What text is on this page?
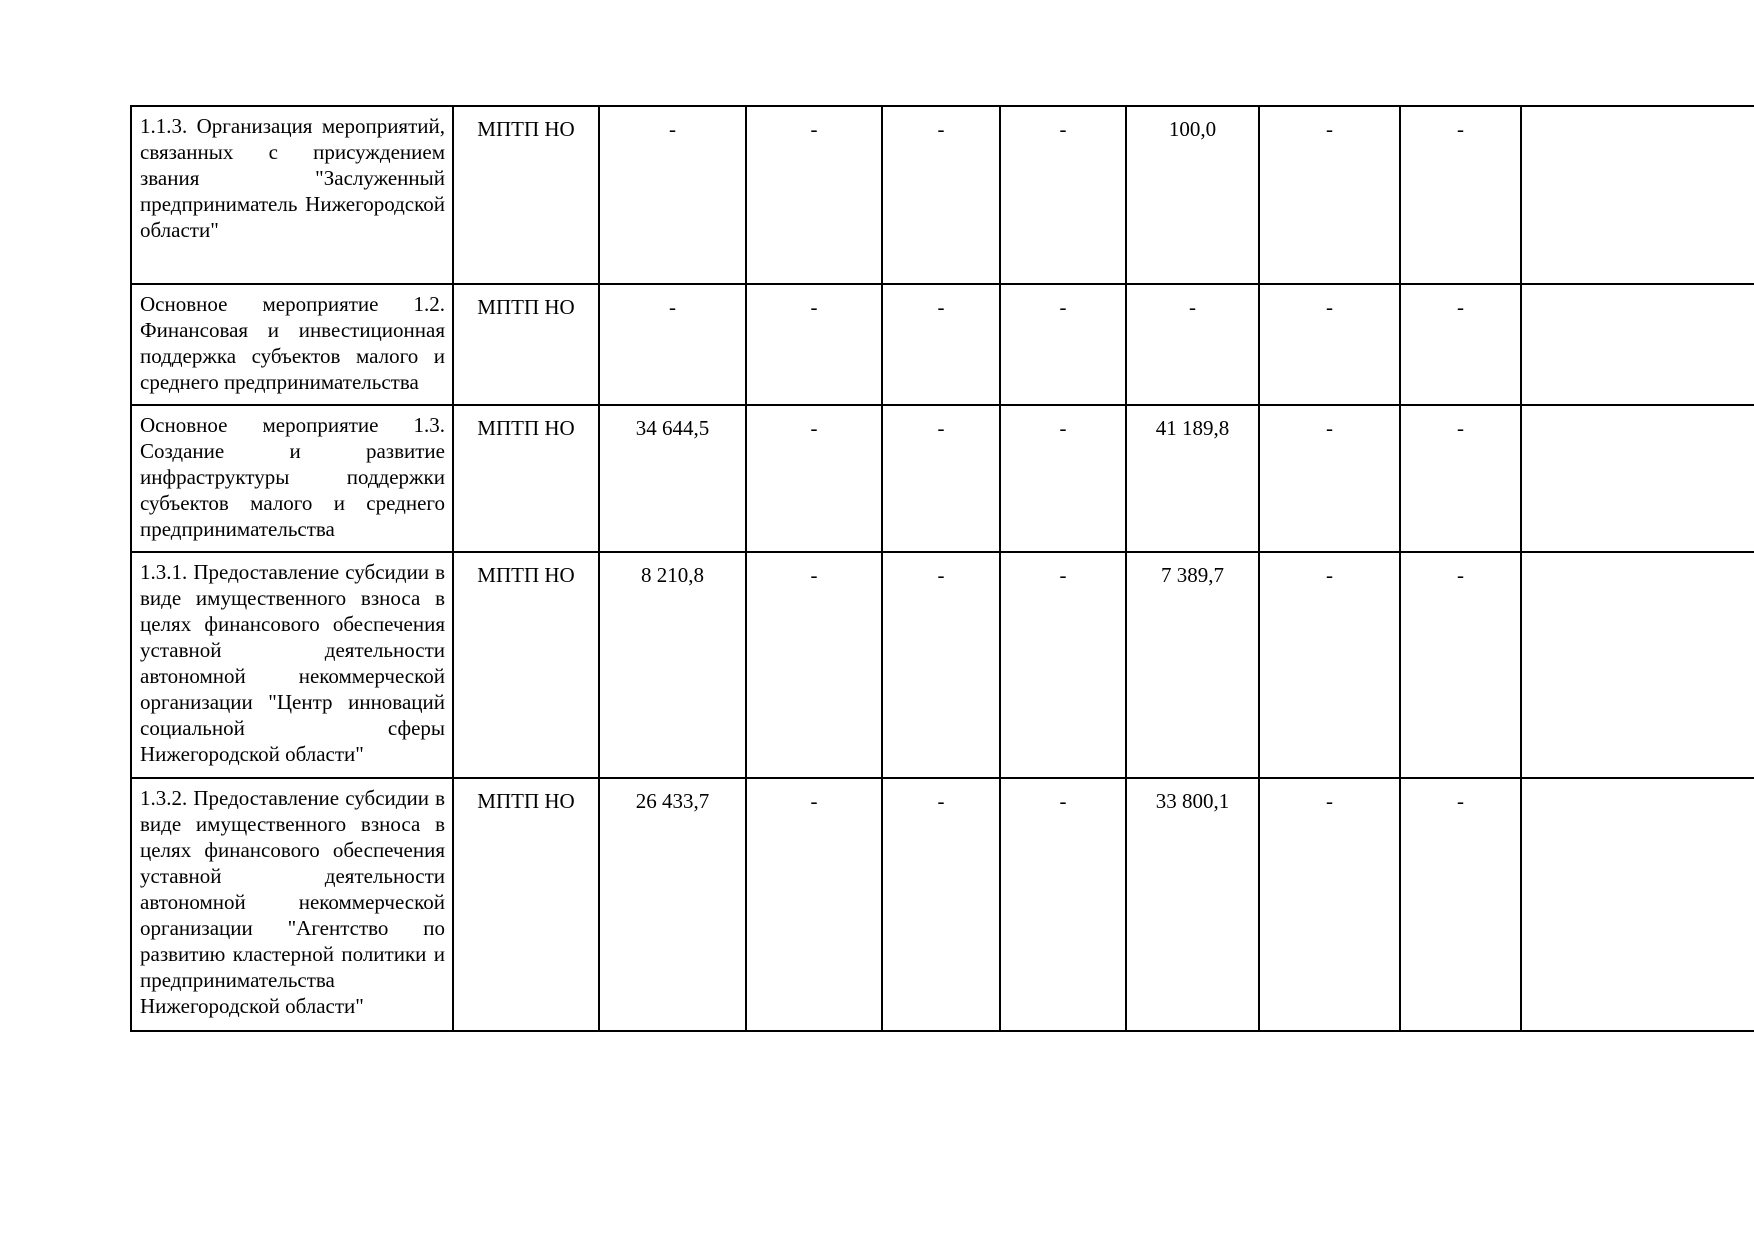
1.1.3. Организация мероприятий, связанных с присуждением звания "Заслуженный предприниматель Нижегородской области"	МПТП НО	-	-	-	-	100,0	-	-	
Основное мероприятие 1.2. Финансовая и инвестиционная поддержка субъектов малого и среднего предпринимательства	МПТП НО	-	-	-	-	-	-	-	
Основное мероприятие 1.3. Создание и развитие инфраструктуры поддержки субъектов малого и среднего предпринимательства	МПТП НО	34 644,5	-	-	-	41 189,8	-	-	
1.3.1. Предоставление субсидии в виде имущественного взноса в целях финансового обеспечения уставной деятельности автономной некоммерческой организации "Центр инноваций социальной сферы Нижегородской области"	МПТП НО	8 210,8	-	-	-	7 389,7	-	-	
1.3.2. Предоставление субсидии в виде имущественного взноса в целях финансового обеспечения уставной деятельности автономной некоммерческой организации "Агентство по развитию кластерной политики и предпринимательства Нижегородской области"	МПТП НО	26 433,7	-	-	-	33 800,1	-	-	
